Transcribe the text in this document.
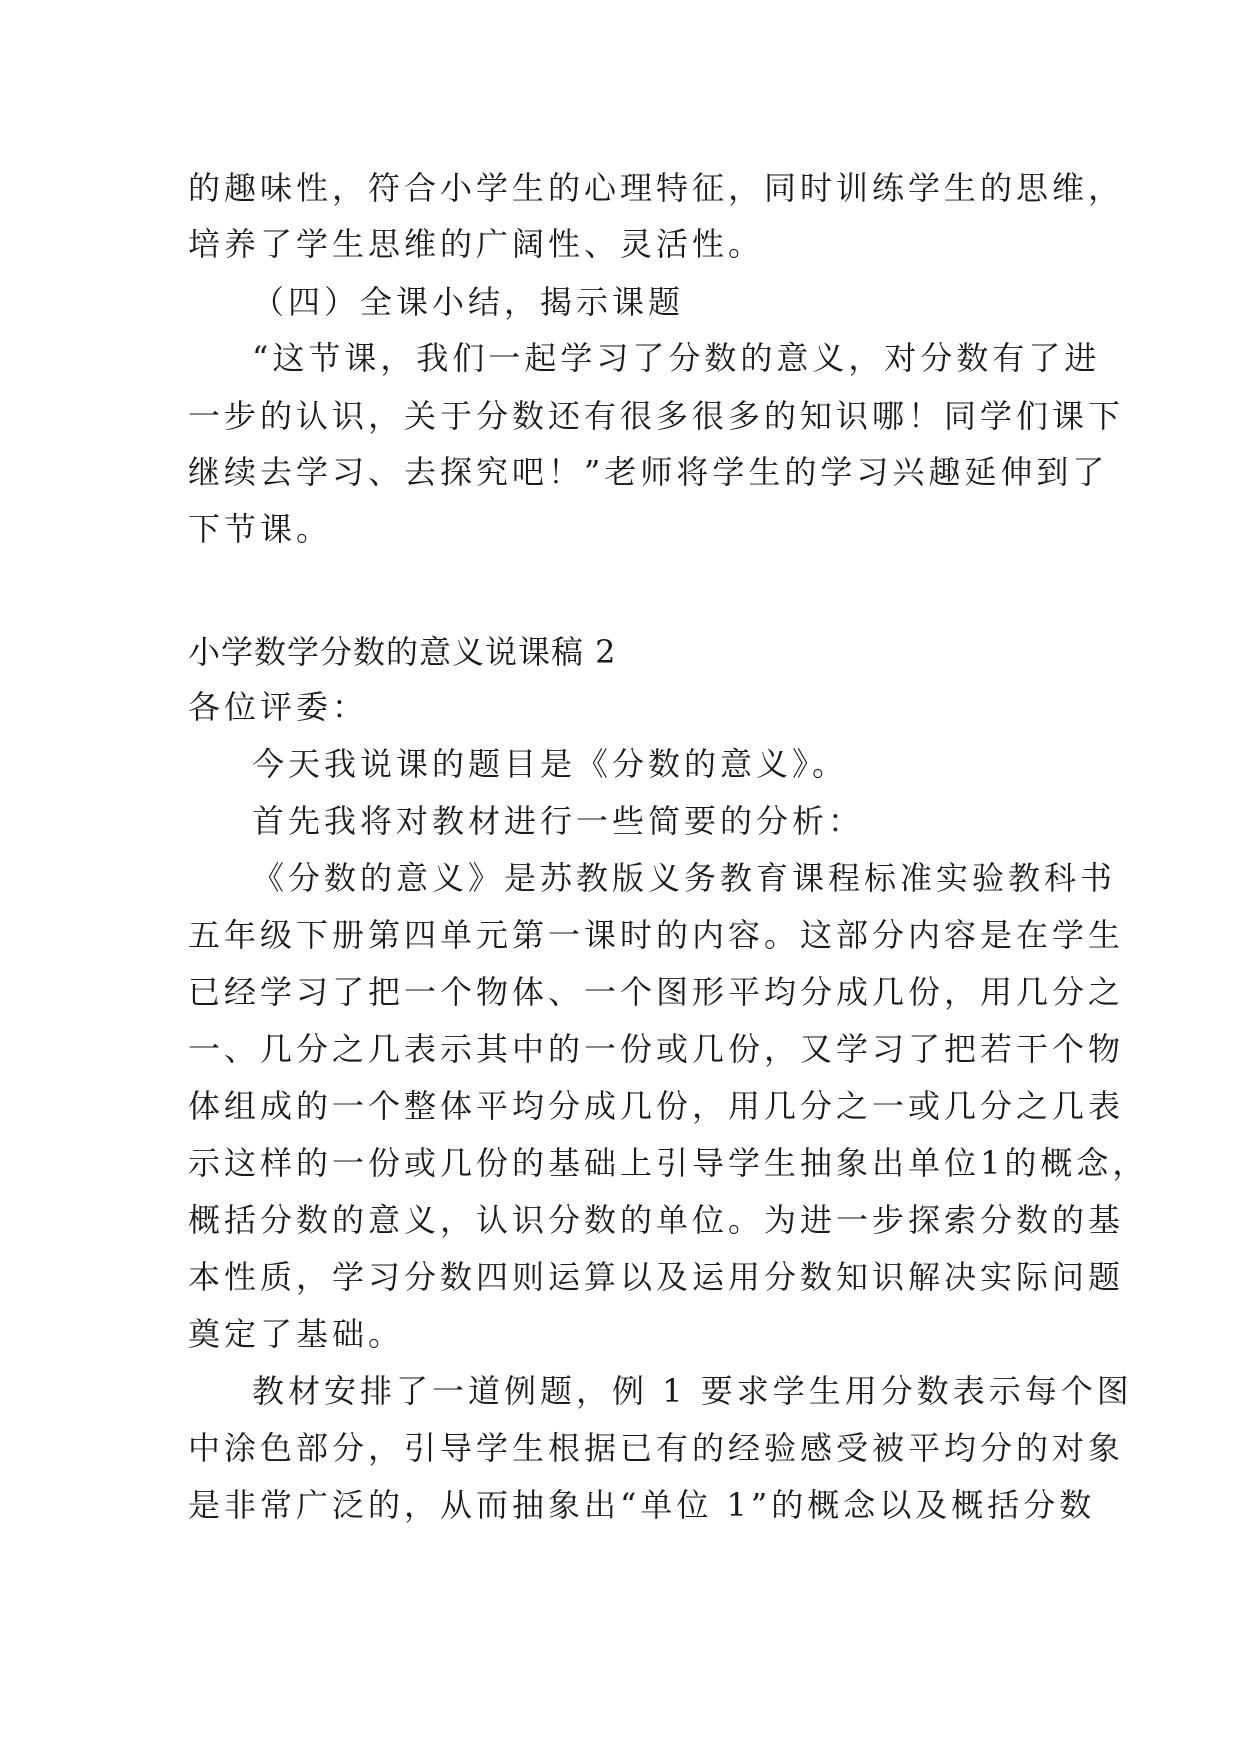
的趣味性，符合小学生的心理特征，同时训练学生的思维，
培养了学生思维的广阔性、灵活性。
（四）全课小结，揭示课题
“这节课，我们一起学习了分数的意义，对分数有了进
一步的认识，关于分数还有很多很多的知识哪！同学们课下
继续去学习、去探究吧！”老师将学生的学习兴趣延伸到了
下节课。
小学数学分数的意义说课稿 2
各位评委：
今天我说课的题目是《分数的意义》。
首先我将对教材进行一些简要的分析：
《分数的意义》是苏教版义务教育课程标准实验教科书
五年级下册第四单元第一课时的内容。这部分内容是在学生
已经学习了把一个物体、一个图形平均分成几份，用几分之
一、几分之几表示其中的一份或几份，又学习了把若干个物
体组成的一个整体平均分成几份，用几分之一或几分之几表
示这样的一份或几份的基础上引导学生抽象出单位1的概念，
概括分数的意义，认识分数的单位。为进一步探索分数的基
本性质，学习分数四则运算以及运用分数知识解决实际问题
奠定了基础。
教材安排了一道例题，例 1 要求学生用分数表示每个图
中涂色部分，引导学生根据已有的经验感受被平均分的对象
是非常广泛的，从而抽象出“单位 1”的概念以及概括分数
